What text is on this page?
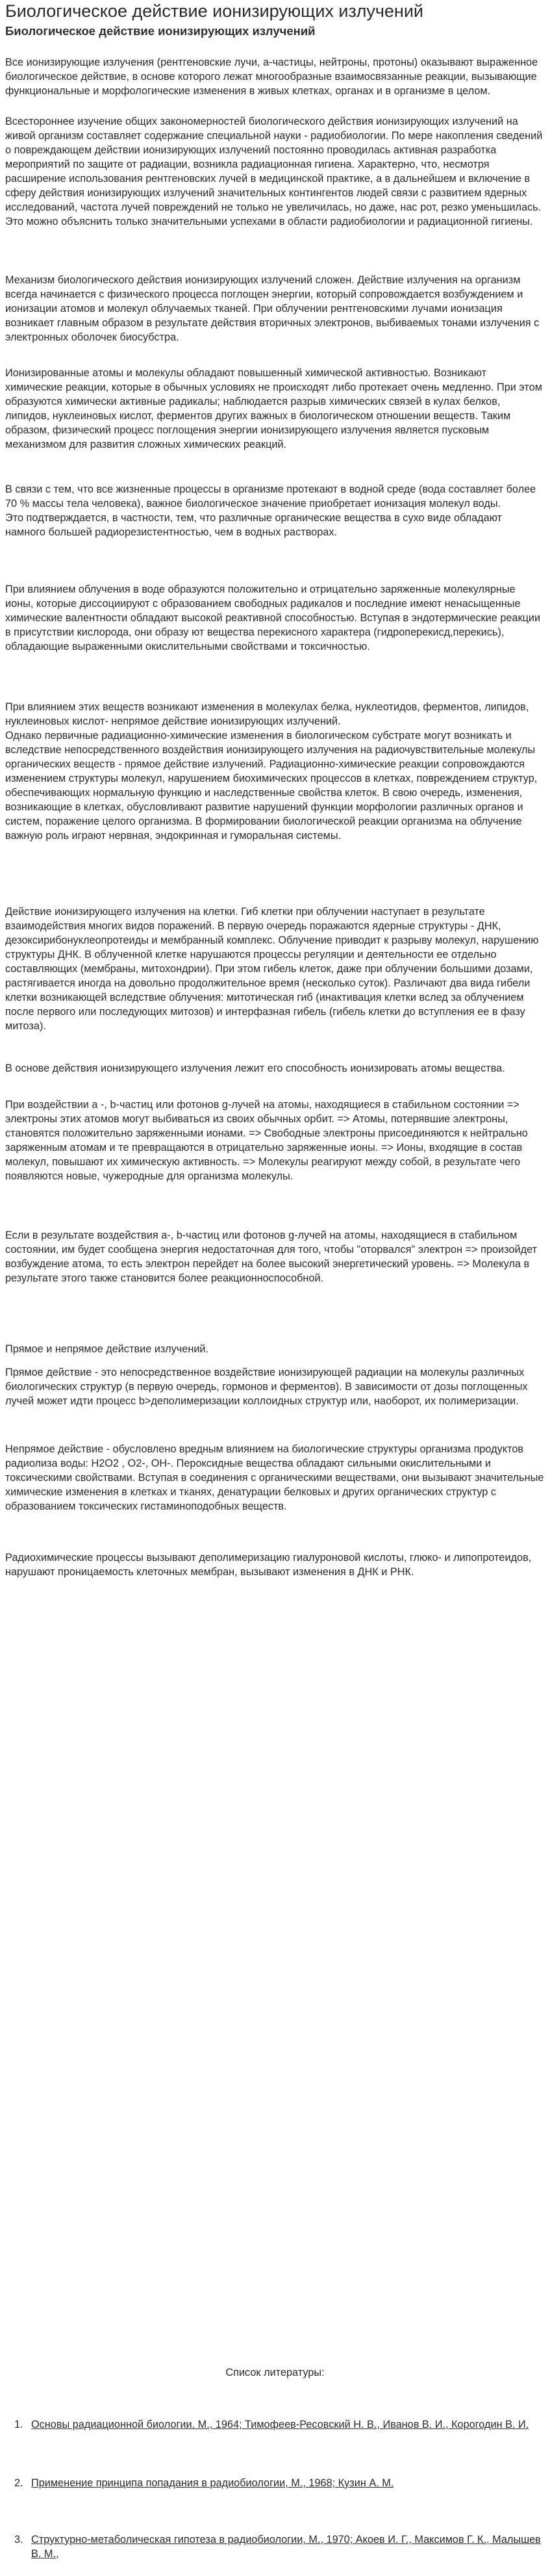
Биологическое действие ионизирующих излучений
Биологическое действие ионизирующих излучений

Все ионизирующие излучения (рентгеновские лучи, а-частицы, нейтроны, протоны) оказывают выраженное биологическое действие, в основе которого лежат многообразные взаимосвязанные реакции, вызывающие функциональные и морфологические изменения в живых клетках, органах и в организме в целом.

Всестороннее изучение общих закономерностей биологического действия ионизирующих излучений на живой организм составляет содержание специальной науки - радиобиологии. По мере накопления сведений о повреждающем действии ионизирующих излучений постоянно проводилась активная разработка мероприятий по защите от радиации, возникла радиационная гигиена. Характерно, что, несмотря расширение использования рентгеновских лучей в медицинской практике, а в дальнейшем и включение в сферу действия ионизирующих излучений значительных контингентов людей связи с развитием ядерных исследований, частота лучей повреждений не только не увеличилась, но даже, нас рот, резко уменьшилась. Это можно объяснить только значительными успехами в области радиобиологии и радиационной гигиены.

Механизм биологического действия ионизирующих излучений сложен. Действие излучения на организм всегда начинается с физического процесса поглощен энергии, который сопровождается возбуждением и ионизации атомов и молекул облучаемых тканей. При облучении рентгеновскими лучами ионизация возникает главным образом в результате действия вторичных электронов, выбиваемых тонами излучения с электронных оболочек биосубстра.

Ионизированные атомы и молекулы обладают повышенный химической активностью. Возникают химические реакции, которые в обычных условиях не происходят либо протекает очень медленно. При этом образуются химически активные радикалы; наблюдается разрыв химических связей в кулах белков, липидов, нуклеиновых кислот, ферментов других важных в биологическом отношении веществ. Таким образом, физический процесс поглощения энергии ионизирующего излучения является пусковым механизмом для развития сложных химических реакций.

В связи с тем, что все жизненные процессы в организме протекают в водной среде (вода составляет более 70 % массы тела человека), важное биологическое значение приобретает ионизация молекул воды.
Это подтверждается, в частности, тем, что различные органические вещества в сухо виде обладают намного большей радиорезистентностью, чем в водных растворах.

При влиянием облучения в воде образуются положительно и отрицательно заряженные молекулярные ионы, которые диссоциируют с образованием свободных радикалов и последние имеют ненасыщенные химические валентности обладают высокой реактивной способностью. Вступая в эндотермические реакции в присутствии кислорода, они образу ют вещества перекисного характера (гидроперекисд,перекись), обладающие выраженными окислительными свойствами и токсичностью.

При влиянием этих веществ возникают изменения в молекулах белка, нуклеотидов, ферментов, липидов, нуклеиновых кислот- непрямое действие ионизирующих излучений.
Однако первичные радиационно-химические изменения в биологическом субстрате могут возникать и вследствие непосредственного воздействия ионизирующего излучения на радиочувствительные молекулы органических веществ - прямое действие излучений. Радиационно-химические реакции сопровождаются изменением структуры молекул, нарушением биохимических процессов в клетках, повреждением структур, обеспечивающих нормальную функцию и наследственные свойства клеток. В свою очередь, изменения, возникающие в клетках, обусловливают развитие нарушений функции морфологии различных органов и систем, поражение целого организма. В формировании биологической реакции организма на облучение важную роль играют нервная, эндокринная и гуморальная системы.

Действие ионизирующего излучения на клетки. Гиб клетки при облучении наступает в результате взаимодействия многих видов поражений. В первую очередь поражаются ядерные структуры - ДНК, дезоксирибонуклеопротеиды и мембранный комплекс. Облучение приводит к разрыву молекул, нарушению структуры ДНК. В облученной клетке нарушаются процессы регуляции и деятельности ее отдельно составляющих (мембраны, митохондрии). При этом гибель клеток, даже при облучении большими дозами, растягивается иногда на довольно продолжительное время (несколько суток). Различают два вида гибели клетки возникающей вследствие облучения: митотическая гиб (инактивация клетки вслед за облучением после первого или последующих митозов) и интерфазная гибель (гибель клетки до вступления ее в фазу митоза).

В основе действия ионизирующего излучения лежит его способность ионизировать атомы вещества.

При воздействии а -, b-частиц или фотонов g-лучей на атомы, находящиеся в стабильном состоянии => электроны этих атомов могут выбиваться из своих обычных орбит. => Атомы, потерявшие электроны, становятся положительно заряженными ионами. => Свободные электроны присоединяются к нейтрально заряженным атомам и те превращаются в отрицательно заряженные ионы. => Ионы, входящие в состав молекул, повышают их химическую активность. => Молекулы реагируют между собой, в результате чего появляются новые, чужеродные для организма молекулы.

Если в результате воздействия а-, b-частиц или фотонов g-лучей на атомы, находящиеся в стабильном состоянии, им будет сообщена энергия недостаточная для того, чтобы "оторвался" электрон => произойдет возбуждение атома, то есть электрон перейдет на более высокий энергетический уровень. => Молекула в результате этого также становится более реакционноспособной.

Прямое и непрямое действие излучений.

Прямое действие - это непосредственное воздействие ионизирующей радиации на молекулы различных биологических структур (в первую очередь, гормонов и ферментов). В зависимости от дозы поглощенных лучей может идти процесс b>деполимеризации коллоидных структур или, наоборот, их полимеризации.

Непрямое действие - обусловлено вредным влиянием на биологические структуры организма продуктов радиолиза воды: H2O2 , O2-, OH-. Пероксидные вещества обладают сильными окислительными и токсическими свойствами. Вступая в соединения с органическими веществами, они вызывают значительные химические изменения в клетках и тканях, денатурации белковых и других органических структур с образованием токсических гистаминоподобных веществ.

Радиохимические процессы вызывают деполимеризацию гиалуроновой кислоты, глюко- и липопротеидов, нарушают проницаемость клеточных мембран, вызывают изменения в ДНК и РНК.

Список литературы:

1. Основы радиационной биологии. М., 1964; Тимофеев-Ресовский Н. В., Иванов В. И., Корогодин В. И.
2. Применение принципа попадания в радиобиологии, М., 1968; Кузин А. М.
3. Структурно-метаболическая гипотеза в радиобиологии, М., 1970; Акоев И. Г., Максимов Г. К., Малышев В. М.,
